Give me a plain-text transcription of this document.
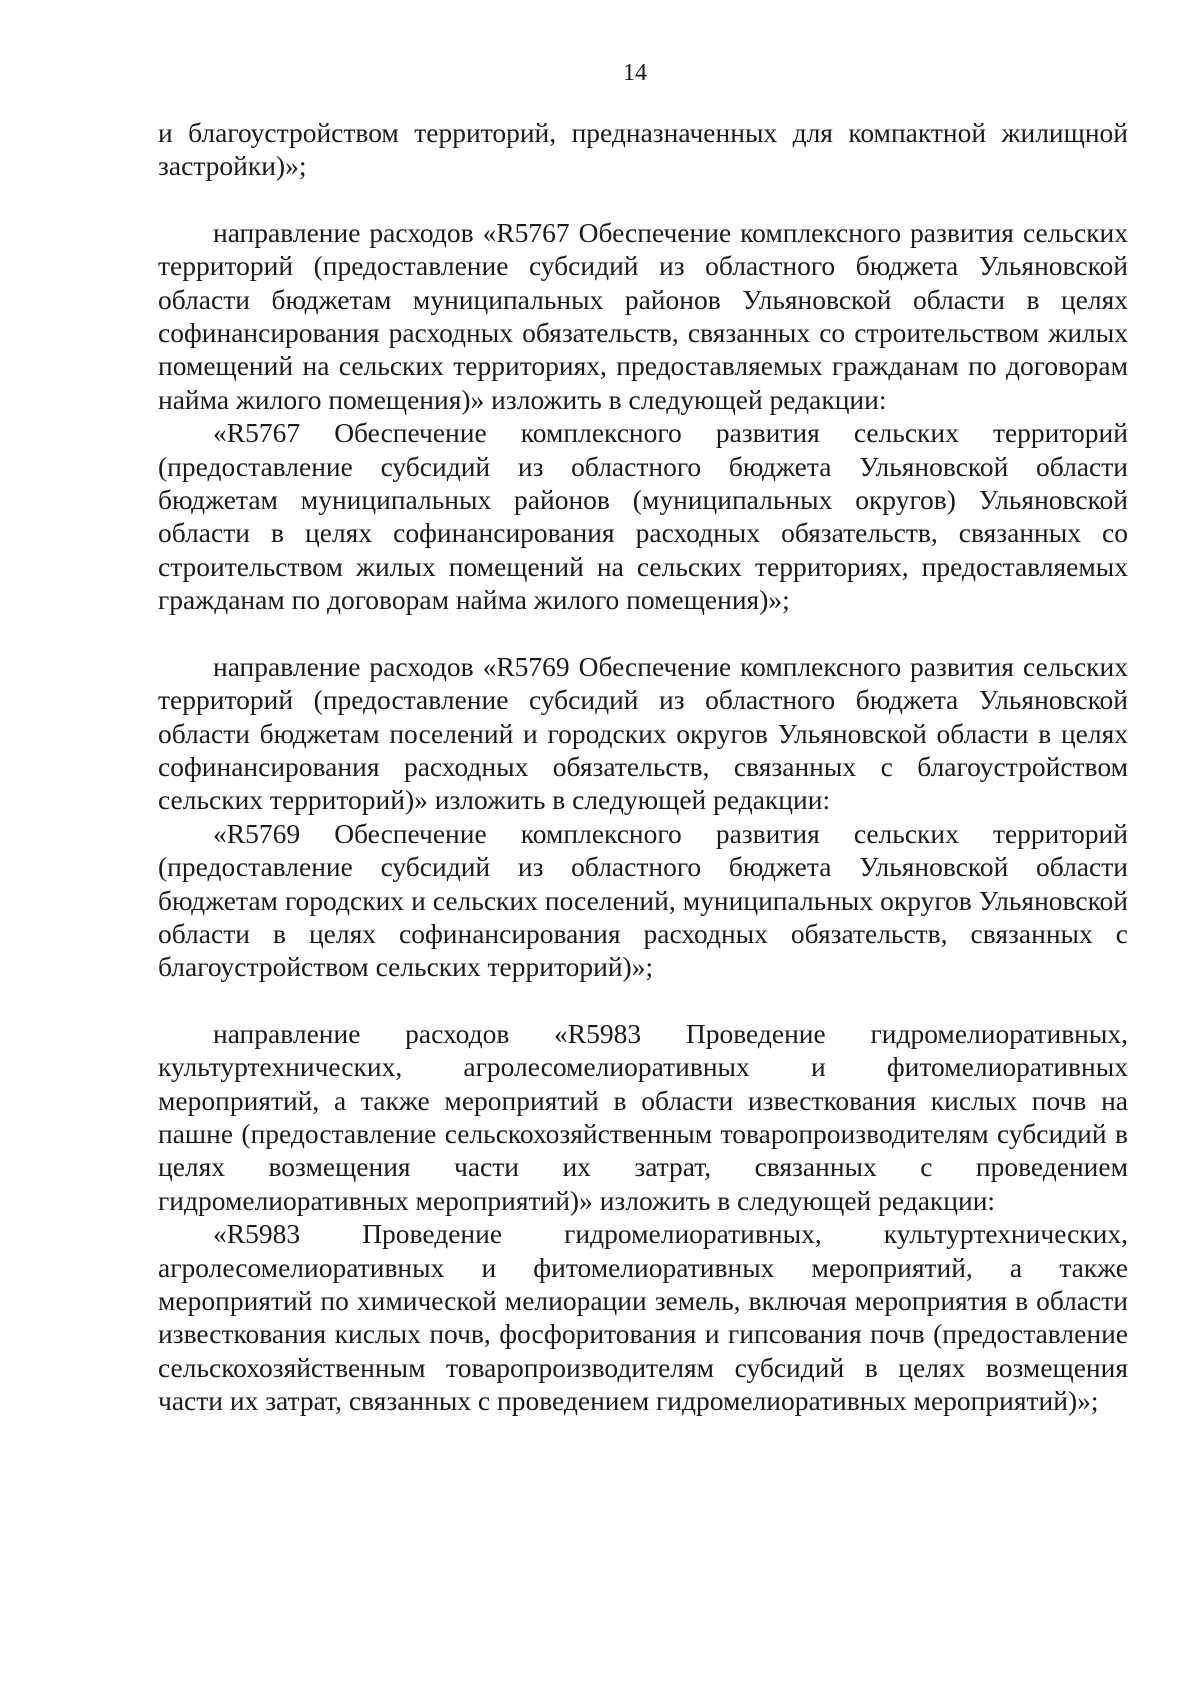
14

и благоустройством территорий, предназначенных для компактной жилищной застройки)»;

направление расходов «R5767 Обеспечение комплексного развития сельских территорий (предоставление субсидий из областного бюджета Ульяновской области бюджетам муниципальных районов Ульяновской области в целях софинансирования расходных обязательств, связанных со строительством жилых помещений на сельских территориях, предоставляемых гражданам по договорам найма жилого помещения)» изложить в следующей редакции:

«R5767 Обеспечение комплексного развития сельских территорий (предоставление субсидий из областного бюджета Ульяновской области бюджетам муниципальных районов (муниципальных округов) Ульяновской области в целях софинансирования расходных обязательств, связанных со строительством жилых помещений на сельских территориях, предоставляемых гражданам по договорам найма жилого помещения)»;

направление расходов «R5769 Обеспечение комплексного развития сельских территорий (предоставление субсидий из областного бюджета Ульяновской области бюджетам поселений и городских округов Ульяновской области в целях софинансирования расходных обязательств, связанных с благоустройством сельских территорий)» изложить в следующей редакции:

«R5769 Обеспечение комплексного развития сельских территорий (предоставление субсидий из областного бюджета Ульяновской области бюджетам городских и сельских поселений, муниципальных округов Ульяновской области в целях софинансирования расходных обязательств, связанных с благоустройством сельских территорий)»;

направление расходов «R5983 Проведение гидромелиоративных, культуртехнических, агролесомелиоративных и фитомелиоративных мероприятий, а также мероприятий в области известкования кислых почв на пашне (предоставление сельскохозяйственным товаропроизводителям субсидий в целях возмещения части их затрат, связанных с проведением гидромелиоративных мероприятий)» изложить в следующей редакции:

«R5983 Проведение гидромелиоративных, культуртехнических, агролесомелиоративных и фитомелиоративных мероприятий, а также мероприятий по химической мелиорации земель, включая мероприятия в области известкования кислых почв, фосфоритования и гипсования почв (предоставление сельскохозяйственным товаропроизводителям субсидий в целях возмещения части их затрат, связанных с проведением гидромелиоративных мероприятий)»;
